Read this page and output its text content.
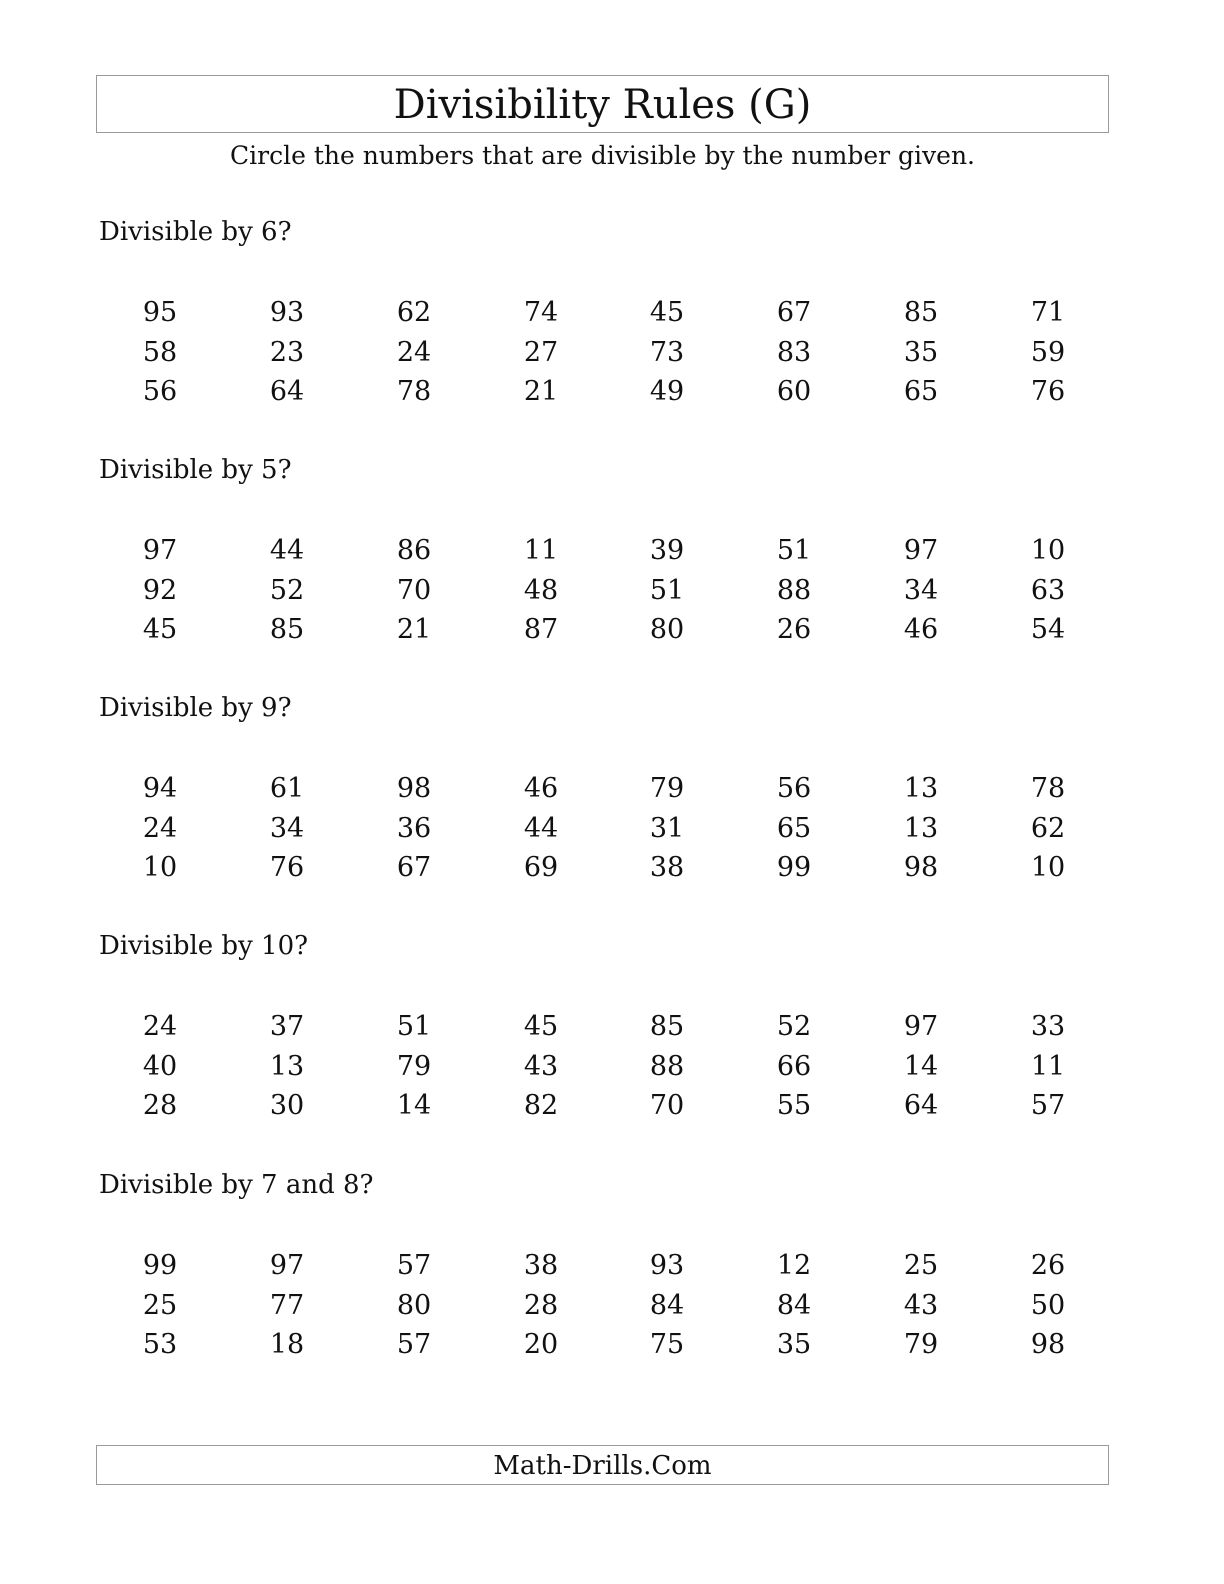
Divisibility Rules (G)
Circle the numbers that are divisible by the number given.
Divisible by 6?
95	93	62	74	45	67	85	71
58	23	24	27	73	83	35	59
56	64	78	21	49	60	65	76
Divisible by 5?
97	44	86	11	39	51	97	10
92	52	70	48	51	88	34	63
45	85	21	87	80	26	46	54
Divisible by 9?
94	61	98	46	79	56	13	78
24	34	36	44	31	65	13	62
10	76	67	69	38	99	98	10
Divisible by 10?
24	37	51	45	85	52	97	33
40	13	79	43	88	66	14	11
28	30	14	82	70	55	64	57
Divisible by 7 and 8?
99	97	57	38	93	12	25	26
25	77	80	28	84	84	43	50
53	18	57	20	75	35	79	98
Math-Drills.Com
